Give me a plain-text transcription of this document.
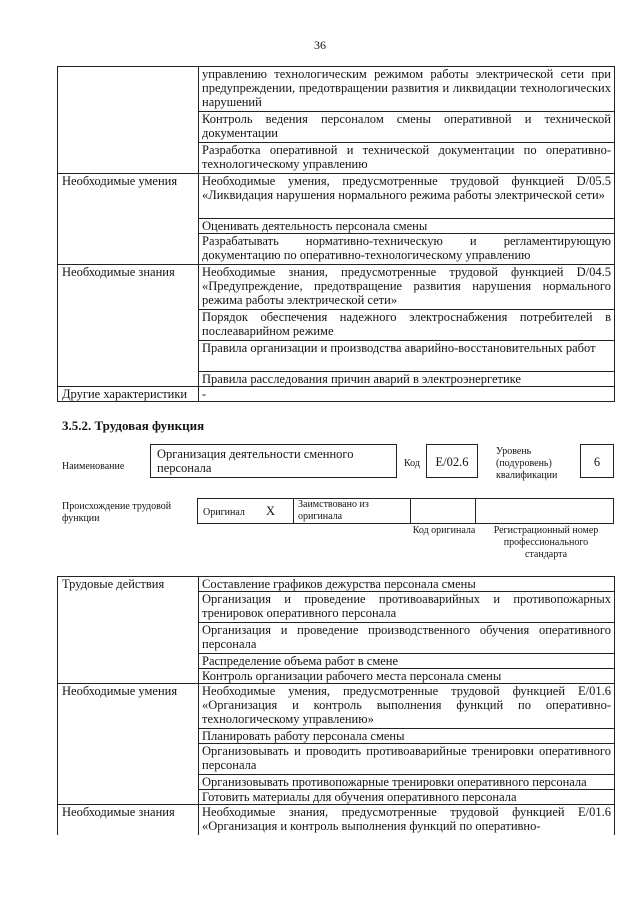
36
	управлению технологическим режимом работы электрической сети при предупреждении, предотвращении развития и ликвидации технологических нарушений
	Контроль ведения персоналом смены оперативной и технической документации
	Разработка оперативной и технической документации по оперативно-технологическому управлению
Необходимые умения	Необходимые умения, предусмотренные трудовой функцией D/05.5 «Ликвидация нарушения нормального режима работы электрической сети»
	Оценивать деятельность персонала смены
	Разрабатывать нормативно-техническую и регламентирующую документацию по оперативно-технологическому управлению
Необходимые знания	Необходимые знания, предусмотренные трудовой функцией D/04.5 «Предупреждение, предотвращение развития нарушения нормального режима работы электрической сети»
	Порядок обеспечения надежного электроснабжения потребителей в послеаварийном режиме
	Правила организации и производства аварийно-восстановительных работ
	Правила расследования причин аварий в электроэнергетике
Другие характеристики	-
3.5.2. Трудовая функция
Наименование
Организация деятельности сменного персонала	Код	E/02.6
Уровень (подуровень) квалификации
6
Происхождение трудовой функции
Оригинал X Заимствовано из оригинала
Код оригинала	Регистрационный номер профессионального стандарта
Трудовые действия	Составление графиков дежурства персонала смены
	Организация и проведение противоаварийных и противопожарных тренировок оперативного персонала
	Организация и проведение производственного обучения оперативного персонала
	Распределение объема работ в смене
	Контроль организации рабочего места персонала смены
Необходимые умения	Необходимые умения, предусмотренные трудовой функцией E/01.6 «Организация и контроль выполнения функций по оперативно-технологическому управлению»
	Планировать работу персонала смены
	Организовывать и проводить противоаварийные тренировки оперативного персонала
	Организовывать противопожарные тренировки оперативного персонала
	Готовить материалы для обучения оперативного персонала
Необходимые знания	Необходимые знания, предусмотренные трудовой функцией E/01.6 «Организация и контроль выполнения функций по оперативно-
